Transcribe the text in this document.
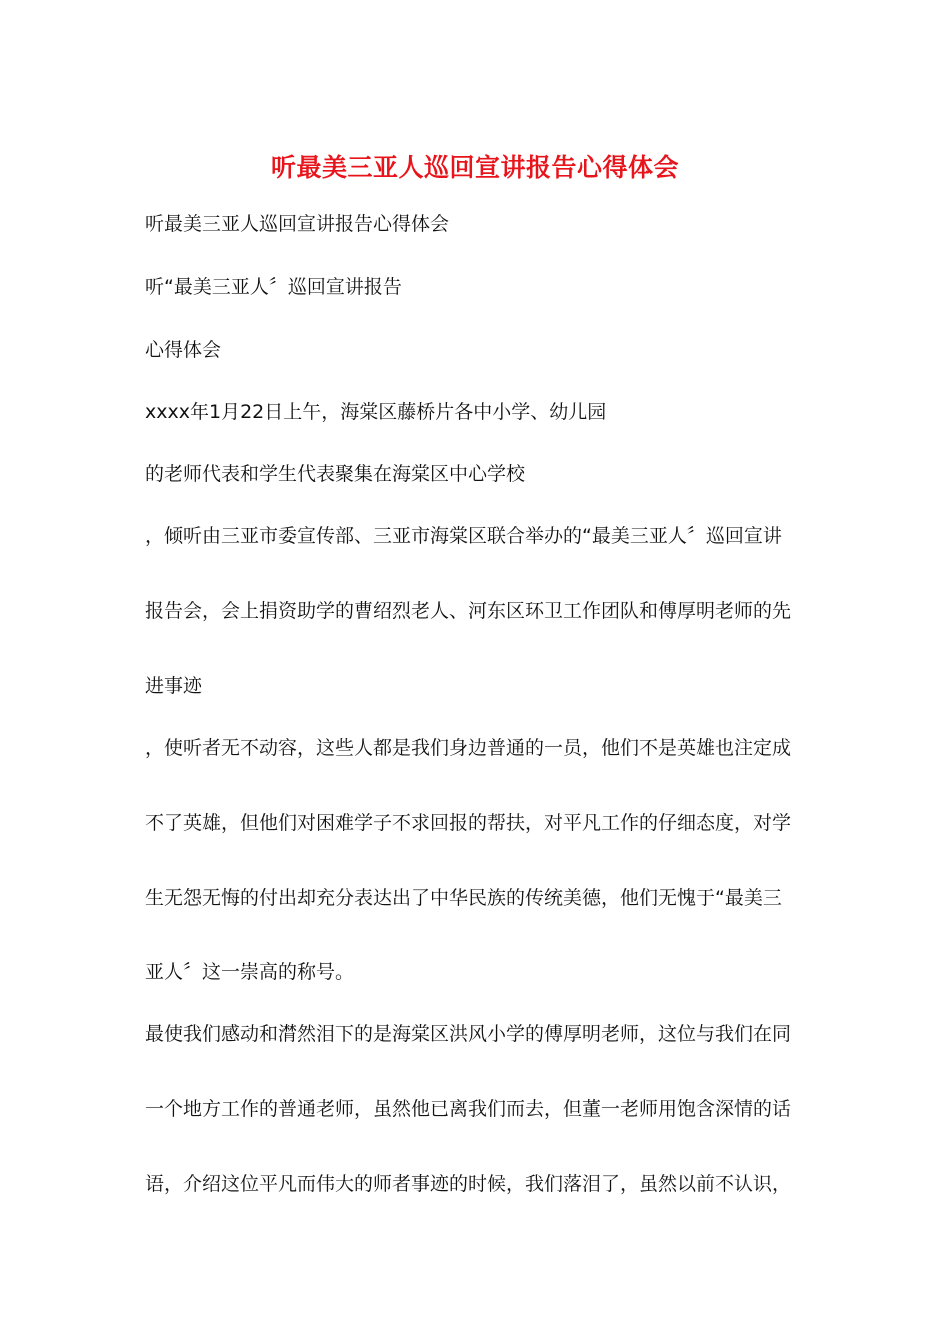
听最美三亚人巡回宣讲报告心得体会
听最美三亚人巡回宣讲报告心得体会
听“最美三亚人〞巡回宣讲报告
心得体会
xxxx年1月22日上午，海棠区藤桥片各中小学、幼儿园
的老师代表和学生代表聚集在海棠区中心学校
，倾听由三亚市委宣传部、三亚市海棠区联合举办的“最美三亚人〞巡回宣讲
报告会，会上捐资助学的曹绍烈老人、河东区环卫工作团队和傅厚明老师的先
进事迹
，使听者无不动容，这些人都是我们身边普通的一员，他们不是英雄也注定成
不了英雄，但他们对困难学子不求回报的帮扶，对平凡工作的仔细态度，对学
生无怨无悔的付出却充分表达出了中华民族的传统美德，他们无愧于“最美三
亚人〞这一崇高的称号。
最使我们感动和潸然泪下的是海棠区洪风小学的傅厚明老师，这位与我们在同
一个地方工作的普通老师，虽然他已离我们而去，但董一老师用饱含深情的话
语，介绍这位平凡而伟大的师者事迹的时候，我们落泪了，虽然以前不认识，
